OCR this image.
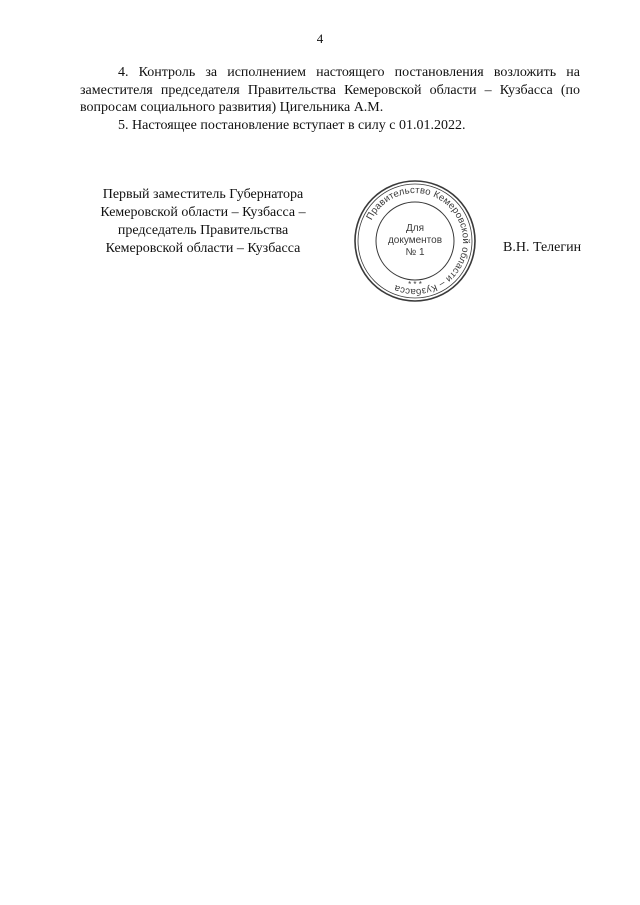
4

4. Контроль за исполнением настоящего постановления возложить на заместителя председателя Правительства Кемеровской области – Кузбасса (по вопросам социального развития) Цигельника А.М.

5. Настоящее постановление вступает в силу с 01.01.2022.

Первый заместитель Губернатора
Кемеровской области – Кузбасса –
председатель Правительства
Кемеровской области – Кузбасса
Правительство Кемеровской области – Кузбасса * * *
Для
документов
№ 1	В.Н. Телегин
